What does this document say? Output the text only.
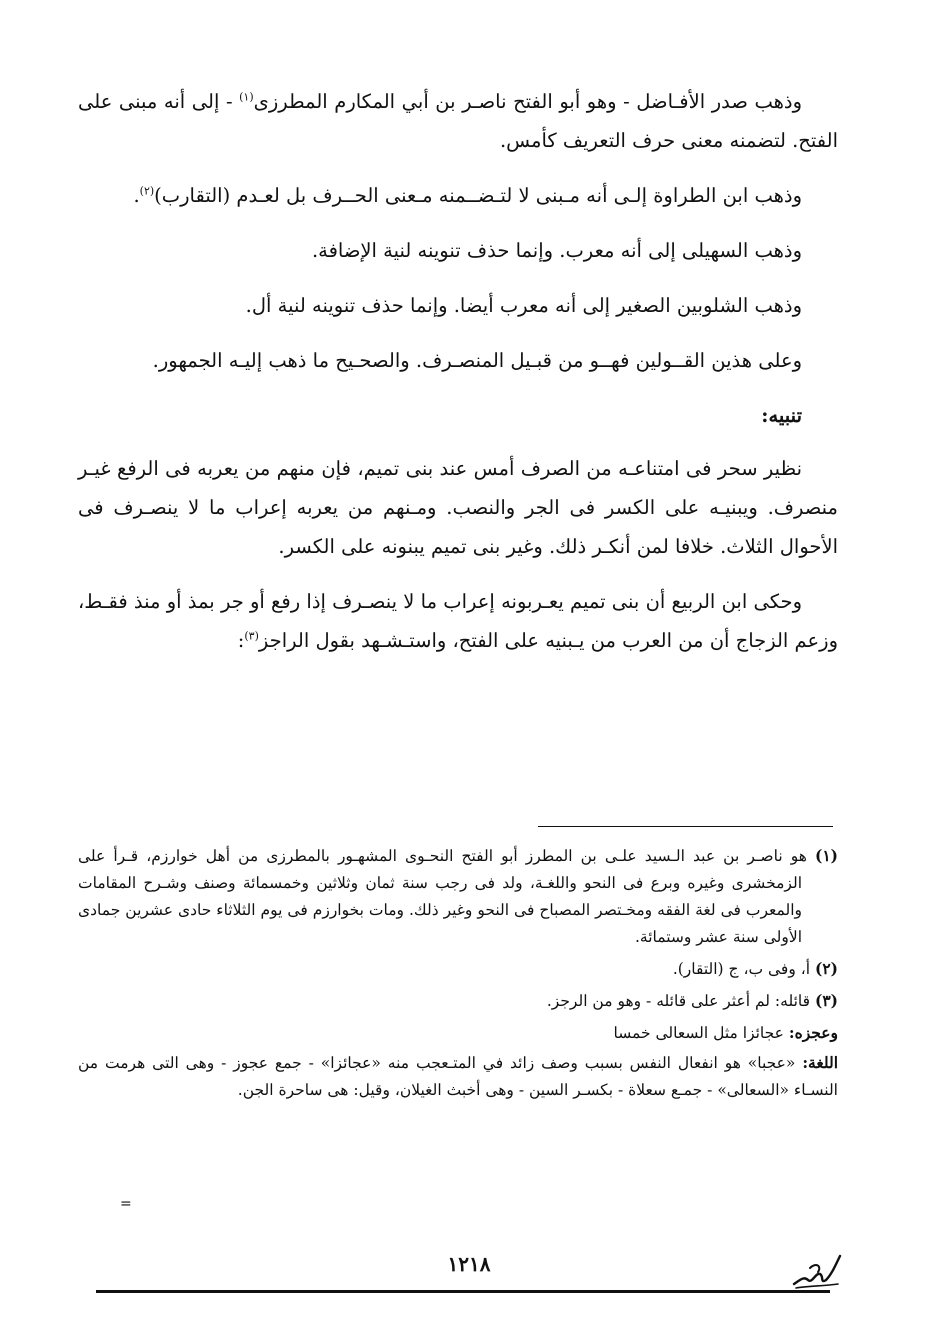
وذهب صدر الأفـاضل - وهو أبو الفتح ناصـر بن أبي المكارم المطرزى$^{(١)}$ - إلى أنه مبنى على الفتح. لتضمنه معنى حرف التعريف كأمس.

وذهب ابن الطراوة إلـى أنه مـبنى لا لتـضــمنه مـعنى الحــرف بل لعـدم (التقارب)$^{(٢)}$.

وذهب السهيلى إلى أنه معرب. وإنما حذف تنوينه لنية الإضافة.

وذهب الشلوبين الصغير إلى أنه معرب أيضا. وإنما حذف تنوينه لنية أل.

وعلى هذين القــولين فهــو من قبـيل المنصـرف. والصحـيح ما ذهب إليـه الجمهور.

تنبيه:

نظير سحر فى امتناعـه من الصرف أمس عند بنى تميم، فإن منهم من يعربه فى الرفع غيـر منصرف. ويبنيـه على الكسر فى الجر والنصب. ومـنهم من يعربه إعراب ما لا ينصـرف فى الأحوال الثلاث. خلافا لمن أنكـر ذلك. وغير بنى تميم يبنونه على الكسر.

وحكى ابن الربيع أن بنى تميم يعـربونه إعراب ما لا ينصـرف إذا رفع أو جر بمذ أو منذ فقـط، وزعم الزجاج أن من العرب من يـبنيه على الفتح، واستـشـهد بقول الراجز$^{(٣)}$:

(١) هو ناصـر بن عبد الـسيد علـى بن المطرز أبو الفتح النحـوى المشهـور بالمطرزى من أهل خوارزم، قـرأ على الزمخشرى وغيره وبرع فى النحو واللغـة، ولد فى رجب سنة ثمان وثلاثين وخمسمائة وصنف وشـرح المقامات والمعرب فى لغة الفقه ومخـتصر المصباح فى النحو وغير ذلك. ومات بخوارزم فى يوم الثلاثاء حادى عشرين جمادى الأولى سنة عشر وستمائة.

(٢) أ، وفى ب، ج (التقار).

(٣) قائله: لم أعثر على قائله - وهو من الرجز.

وعجزه: عجائزا مثل السعالى خمسا

اللغة: «عجبا» هو انفعال النفس بسبب وصف زائد في المتـعجب منه «عجائزا» - جمع عجوز - وهى التى هرمت من النسـاء «السعالى» - جمـع سعلاة - بكسـر السين - وهى أخبث الغيلان، وقيل: هى ساحرة الجن.

=
١٢١٨
